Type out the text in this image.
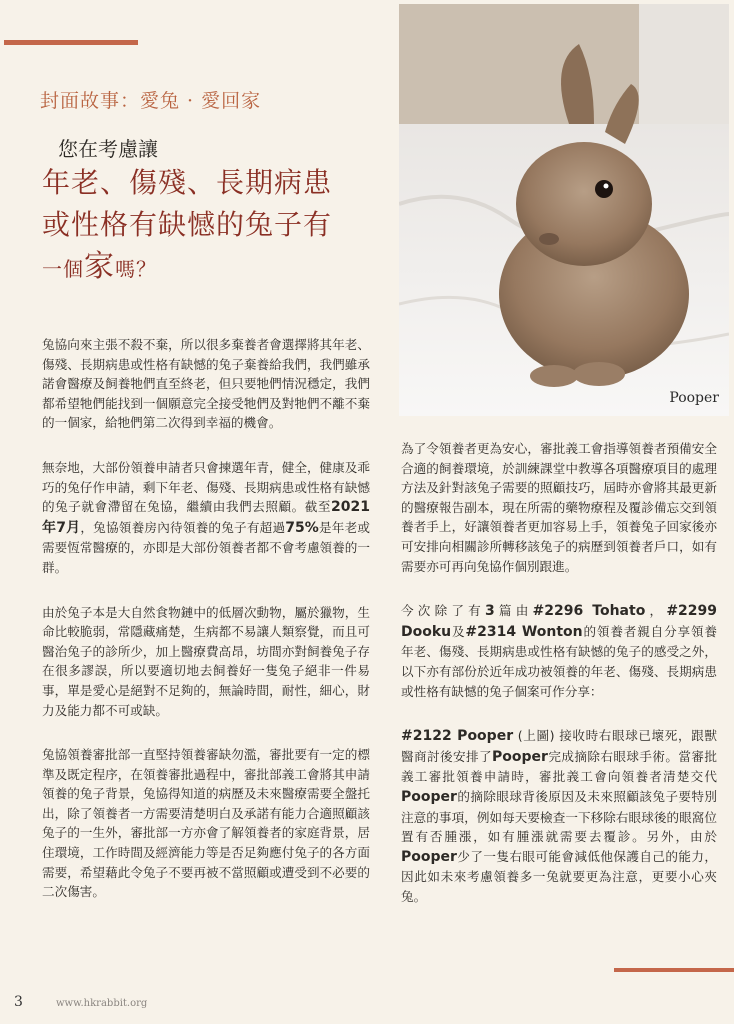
封面故事：愛兔 · 愛回家
您在考慮讓
年老、傷殘、長期病患
或性格有缺憾的兔子有
一個家嗎？
Pooper

兔協向來主張不殺不棄，所以很多棄養者會選擇將其年老、傷殘、長期病患或性格有缺憾的兔子棄養給我們，我們雖承諾會醫療及飼養牠們直至終老，但只要牠們情況穩定，我們都希望牠們能找到一個願意完全接受牠們及對牠們不離不棄的一個家，給牠們第二次得到幸福的機會。

無奈地，大部份領養申請者只會揀選年青，健全，健康及乖巧的兔仔作申請，剩下年老、傷殘、長期病患或性格有缺憾的兔子就會滯留在兔協，繼續由我們去照顧。截至2021年7月，兔協領養房內待領養的兔子有超過75%是年老或需要恆常醫療的，亦即是大部份領養者都不會考慮領養的一群。

由於兔子本是大自然食物鏈中的低層次動物，屬於獵物，生命比較脆弱，常隱藏痛楚，生病都不易讓人類察覺，而且可醫治兔子的診所少，加上醫療費高昂，坊間亦對飼養兔子存在很多謬誤，所以要適切地去飼養好一隻兔子絕非一件易事，單是愛心是絕對不足夠的，無論時間，耐性，細心，財力及能力都不可或缺。

兔協領養審批部一直堅持領養審缺勿濫，審批要有一定的標準及既定程序，在領養審批過程中，審批部義工會將其申請領養的兔子背景，兔協得知道的病歷及未來醫療需要全盤托出，除了領養者一方需要清楚明白及承諾有能力合適照顧該兔子的一生外，審批部一方亦會了解領養者的家庭背景，居住環境，工作時間及經濟能力等是否足夠應付兔子的各方面需要，希望藉此令兔子不要再被不當照顧或遭受到不必要的二次傷害。

為了令領養者更為安心，審批義工會指導領養者預備安全合適的飼養環境，於訓練課堂中教導各項醫療項目的處理方法及針對該兔子需要的照顧技巧，屆時亦會將其最更新的醫療報告副本，現在所需的藥物療程及覆診備忘交到領養者手上，好讓領養者更加容易上手，領養兔子回家後亦可安排向相關診所轉移該兔子的病歷到領養者戶口，如有需要亦可再向兔協作個別跟進。

今次除了有3篇由#2296 Tohato，#2299 Dooku及#2314 Wonton的領養者親自分享領養年老、傷殘、長期病患或性格有缺憾的兔子的感受之外，以下亦有部份於近年成功被領養的年老、傷殘、長期病患或性格有缺憾的兔子個案可作分享：

#2122 Pooper (上圖) 接收時右眼球已壞死，跟獸醫商討後安排了Pooper完成摘除右眼球手術。當審批義工審批領養申請時，審批義工會向領養者清楚交代Pooper的摘除眼球背後原因及未來照顧該兔子要特別注意的事項，例如每天要檢查一下移除右眼球後的眼窩位置有否腫漲，如有腫漲就需要去覆診。另外，由於Pooper少了一隻右眼可能會減低他保護自己的能力，因此如未來考慮領養多一兔就要更為注意，更要小心夾兔。

3	www.hkrabbit.org
